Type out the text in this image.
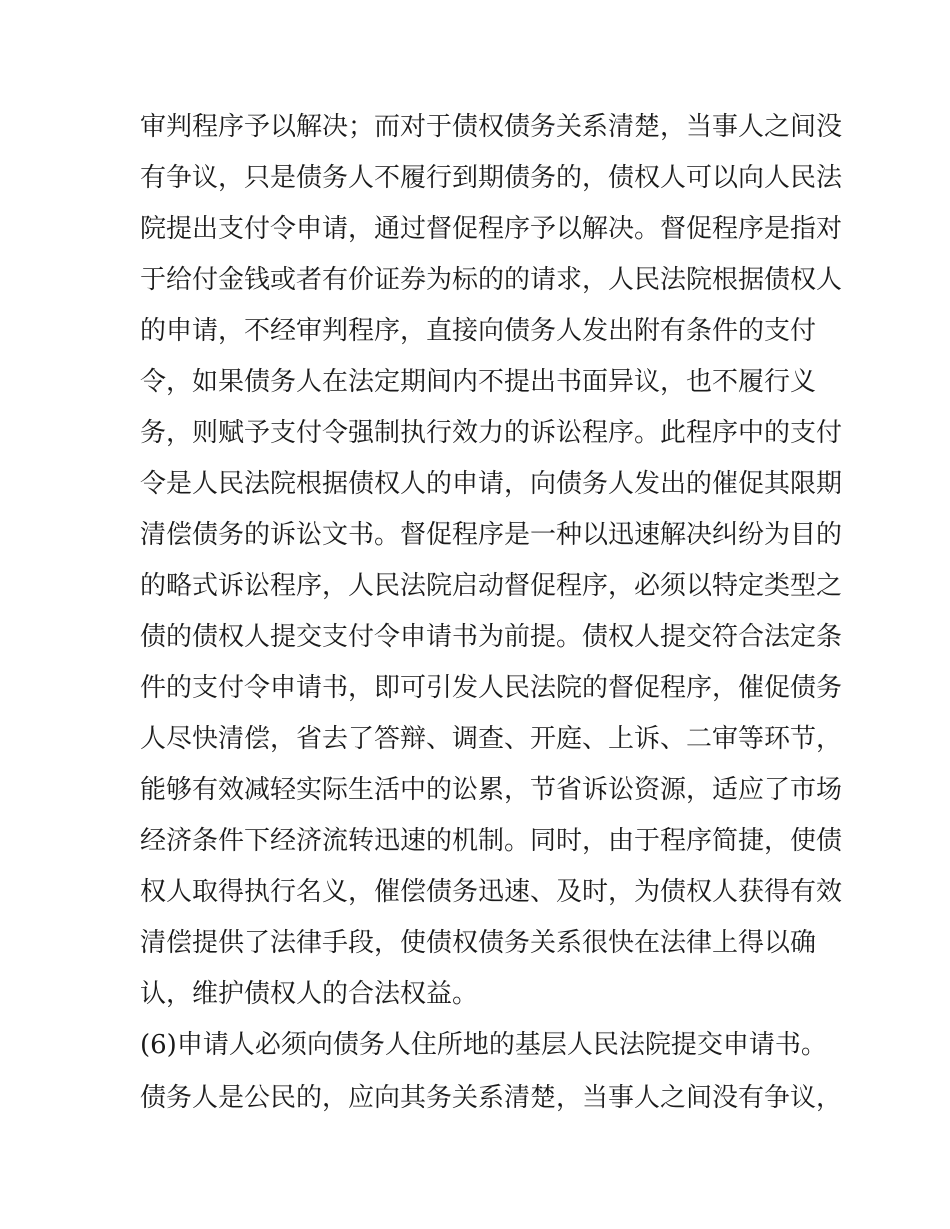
审判程序予以解决；而对于债权债务关系清楚，当事人之间没
有争议，只是债务人不履行到期债务的，债权人可以向人民法
院提出支付令申请，通过督促程序予以解决。督促程序是指对
于给付金钱或者有价证券为标的的请求，人民法院根据债权人
的申请，不经审判程序，直接向债务人发出附有条件的支付
令，如果债务人在法定期间内不提出书面异议，也不履行义
务，则赋予支付令强制执行效力的诉讼程序。此程序中的支付
令是人民法院根据债权人的申请，向债务人发出的催促其限期
清偿债务的诉讼文书。督促程序是一种以迅速解决纠纷为目的
的略式诉讼程序，人民法院启动督促程序，必须以特定类型之
债的债权人提交支付令申请书为前提。债权人提交符合法定条
件的支付令申请书，即可引发人民法院的督促程序，催促债务
人尽快清偿，省去了答辩、调查、开庭、上诉、二审等环节，
能够有效减轻实际生活中的讼累，节省诉讼资源，适应了市场
经济条件下经济流转迅速的机制。同时，由于程序简捷，使债
权人取得执行名义，催偿债务迅速、及时，为债权人获得有效
清偿提供了法律手段，使债权债务关系很快在法律上得以确
认，维护债权人的合法权益。
(6)申请人必须向债务人住所地的基层人民法院提交申请书。
债务人是公民的，应向其务关系清楚，当事人之间没有争议，
